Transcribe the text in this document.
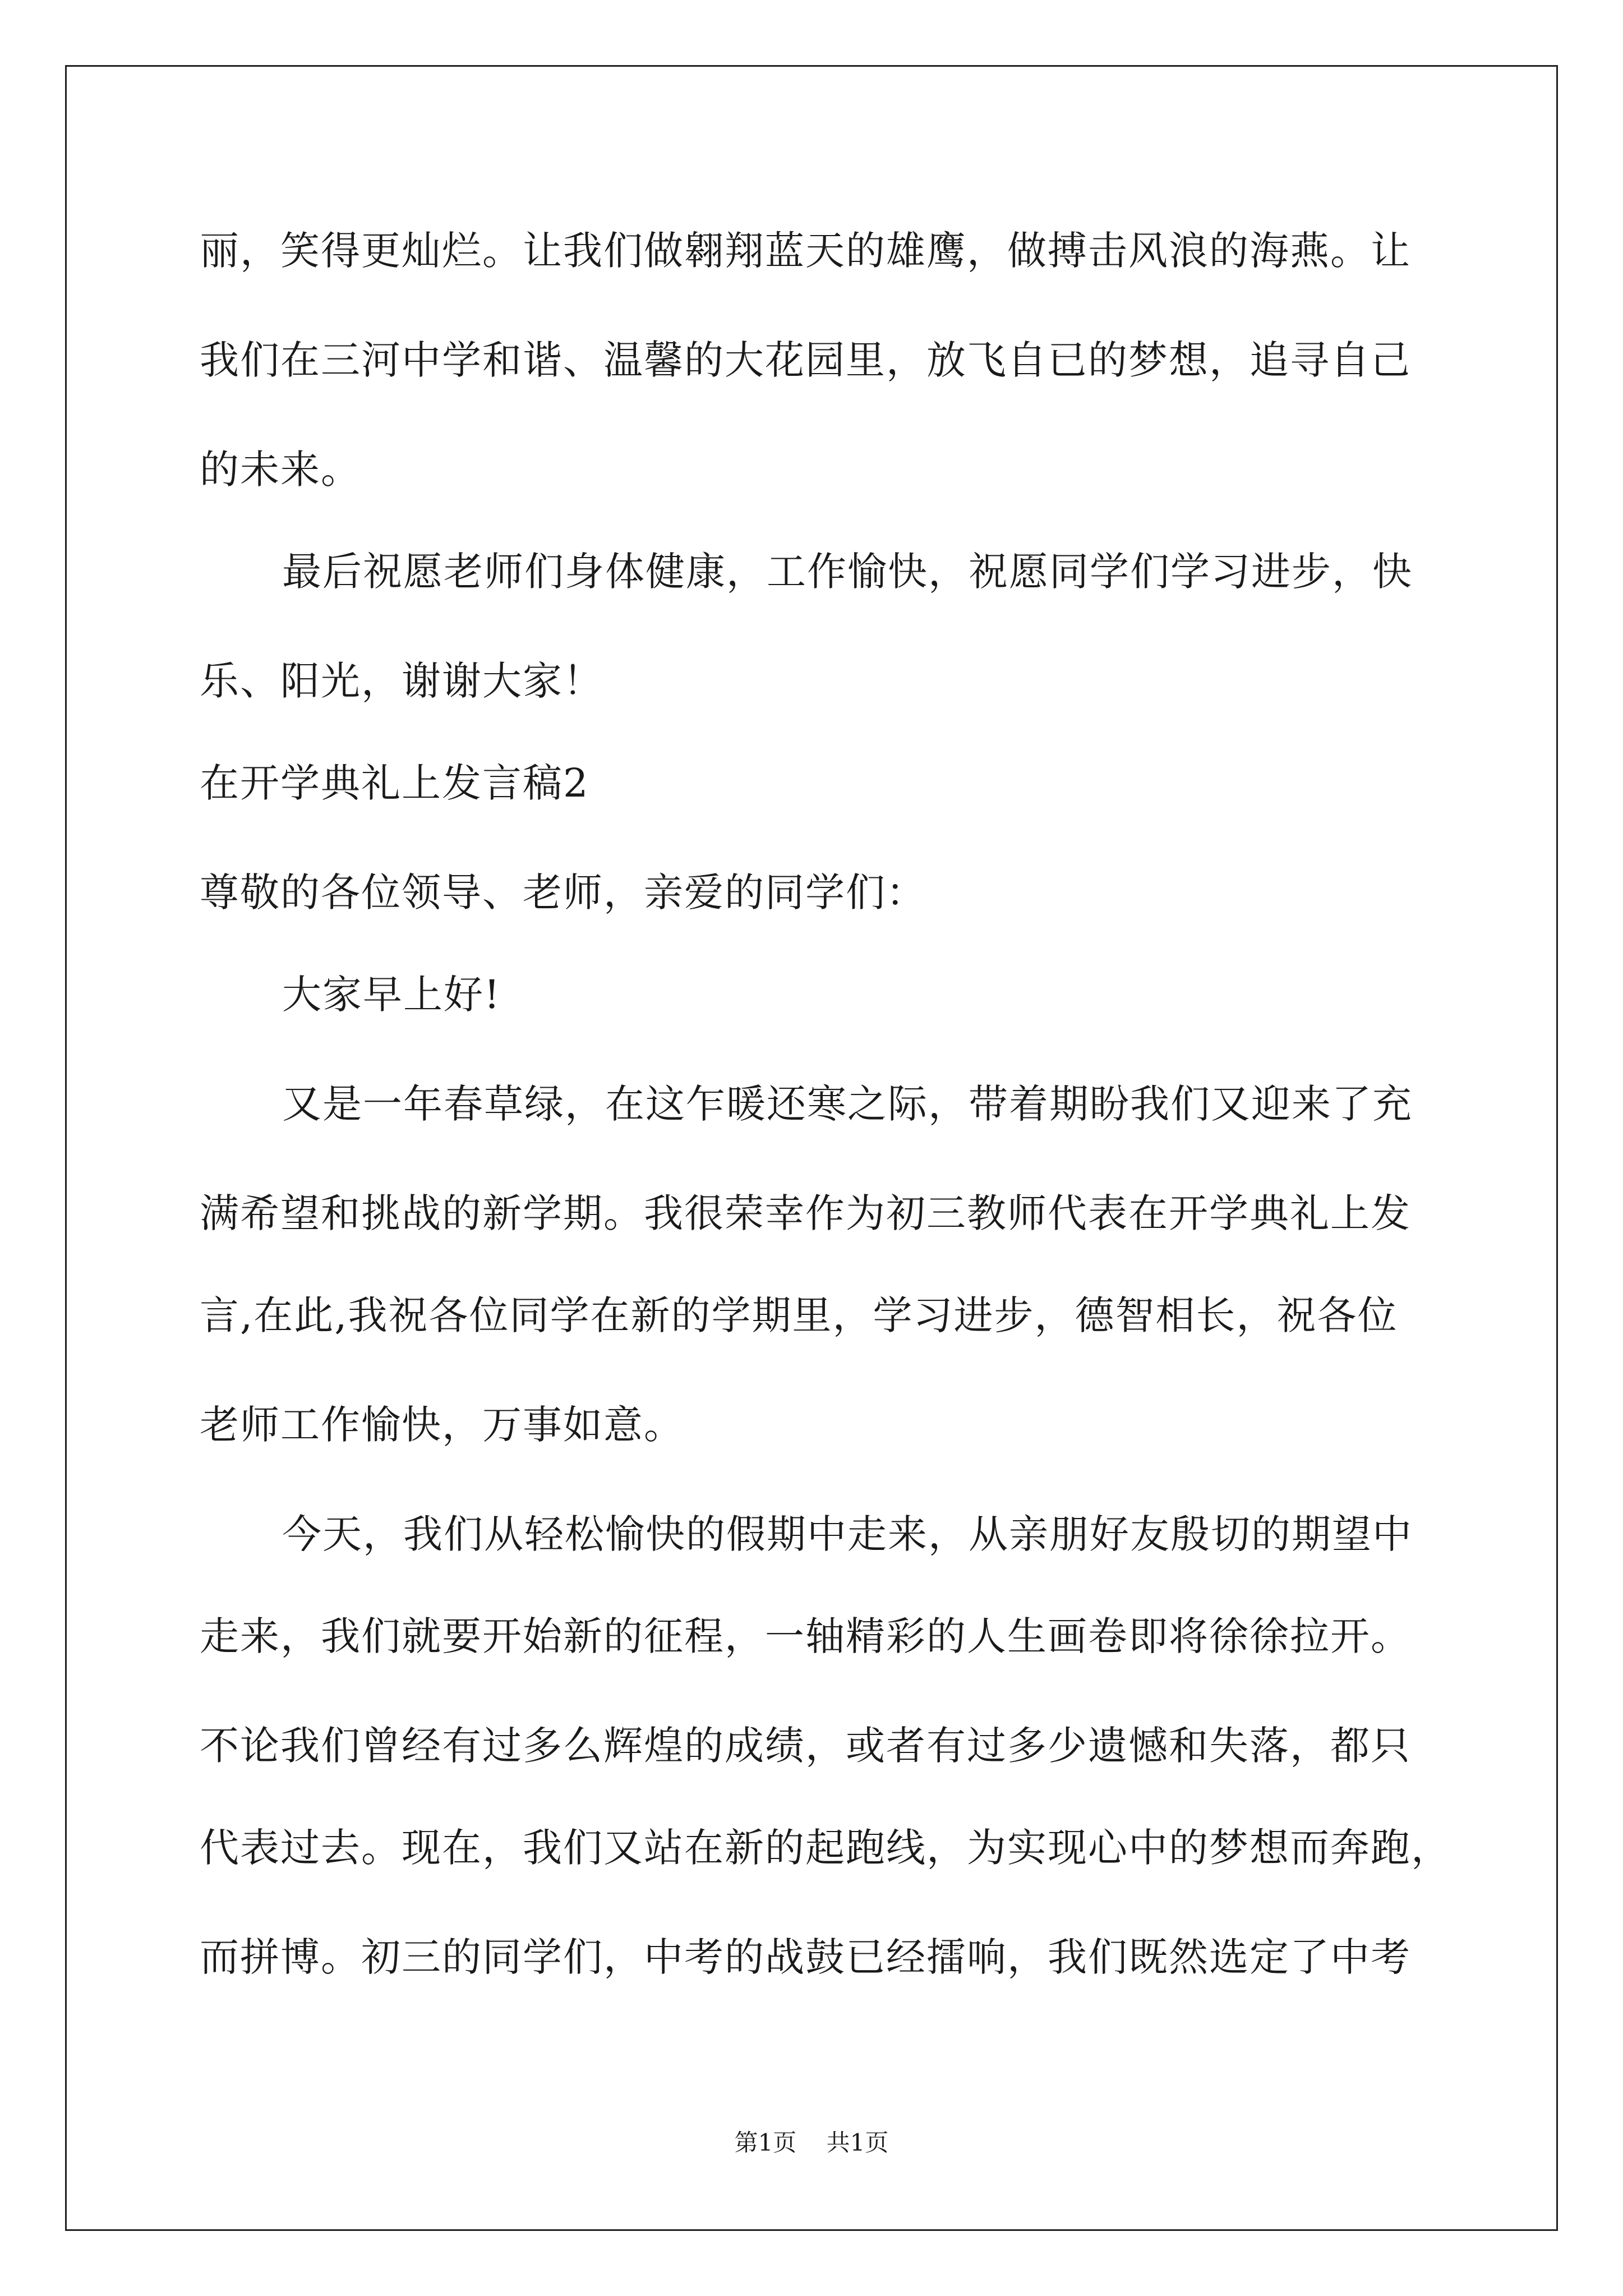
丽，笑得更灿烂。让我们做翱翔蓝天的雄鹰，做搏击风浪的海燕。让
我们在三河中学和谐、温馨的大花园里，放飞自已的梦想，追寻自己
的未来。
最后祝愿老师们身体健康，工作愉快，祝愿同学们学习进步，快
乐、阳光，谢谢大家！
在开学典礼上发言稿2
尊敬的各位领导、老师，亲爱的同学们：
大家早上好!
又是一年春草绿，在这乍暖还寒之际，带着期盼我们又迎来了充
满希望和挑战的新学期。我很荣幸作为初三教师代表在开学典礼上发
言,在此,我祝各位同学在新的学期里，学习进步，德智相长，祝各位
老师工作愉快，万事如意。
今天，我们从轻松愉快的假期中走来，从亲朋好友殷切的期望中
走来，我们就要开始新的征程，一轴精彩的人生画卷即将徐徐拉开。
不论我们曾经有过多么辉煌的成绩，或者有过多少遗憾和失落，都只
代表过去。现在，我们又站在新的起跑线，为实现心中的梦想而奔跑，
而拼博。初三的同学们，中考的战鼓已经擂响，我们既然选定了中考
第1页    共1页
